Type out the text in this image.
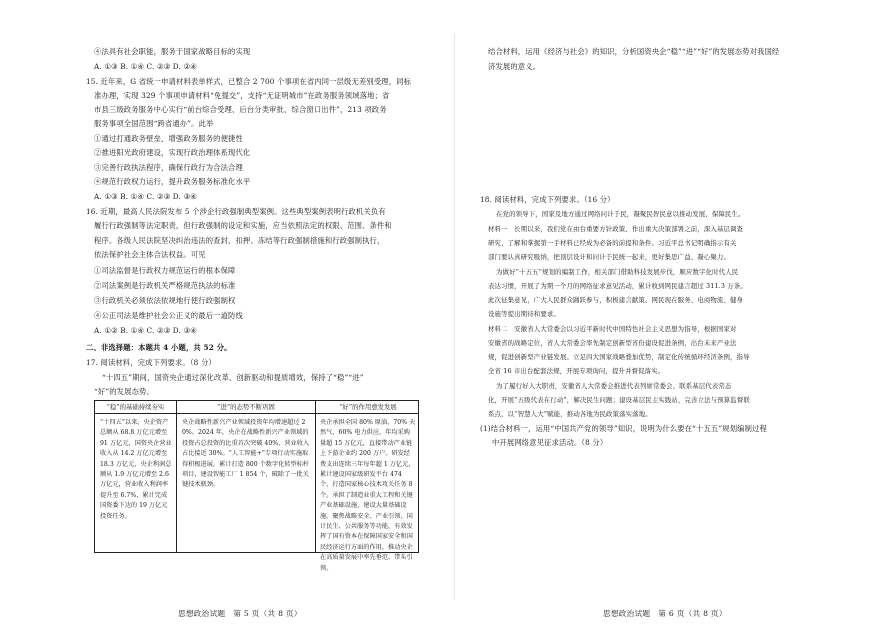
④法具有社会职能，服务于国家战略目标的实现
A. ①③ B. ①④ C. ②③ D. ②④
15. 近年来，G 省统一申请材料表单样式，已整合 2 700 个事项在省内同一层级无差别受理，同标
准办理，实现 329 个事项申请材料“免提交”，支持“无证明城市”在政务服务领域落地；省
市县三级政务服务中心实行“前台综合受理、后台分类审批、综合窗口出件”，213 项政务
服务事项全国范围“跨省通办”。此举
①通过打通政务壁垒，增强政务服务的便捷性
②推进阳光政府建设，实现行政治理体系现代化
③完善行政执法程序，确保行政行为合法合理
④规范行政权力运行，提升政务服务标准化水平
A. ①③ B. ①④ C. ②③ D. ③④
16. 近期，最高人民法院发布 5 个涉企行政强制典型案例。这些典型案例表明行政机关负有
履行行政强制等法定职责，但行政强制的设定和实施，应当依照法定的权限、范围、条件和
程序。各级人民法院坚决纠治违法的查封、扣押、冻结等行政强制措施和行政强制执行，
依法保护社会主体合法权益。可见
①司法监督是行政权力规范运行的根本保障
②司法案例是行政机关严格规范执法的标准
③行政机关必须依法依规地行使行政强制权
④公正司法是维护社会公正义的最后一道防线
A. ①② B. ①④ C. ②③ D. ③④
二、非选择题：本题共 4 小题，共 52 分。
17. 阅读材料，完成下列要求。（8 分）
“十四五”期间，国资央企通过深化改革、创新驱动和提质增效，保持了“稳”“进”
“好”的发展态势。
“稳”的基础持续夯实	“进”的态势不断巩固	“好”的作用愈发发展
“十四五”以来，央企资产总额从 68.8 万亿元增至 91 万亿元，国资央企营业收入从 14.2 万亿元增至 18.3 万亿元，央企利润总额从 1.9 万亿元增至 2.6 万亿元，营业收入利润率提升至 6.7%，累计完成国资委下达的 19 万亿元投资任务。
央企战略性新兴产业领域投资年均增速超过 20%。2024 年，央企在战略性新兴产业领域的投资占总投资的比重首次突破 40%，营业收入占比接近 30%。“人工智能+”专项行动实施取得积极进展，累计打造 800 个数字化转型标杆项目，建设智能工厂 1 854 个，破除了一批关键技术瓶颈。
央企承担全国 80% 原油、70% 天然气、60% 电力供应，年均采购量超 15 万亿元，直接带动产业链上下游企业约 200 万户。研发经费支出连续三年每年超 1 万亿元，累计建设国家级研发平台 474 个，打造国家核心技术攻关任务 8 个。承担了制造业重大工程和关键产业基础设施，建设大量基础设施。聚焦战略安全、产业引领、国计民生、公共服务等功能，有效发挥了国有资本在保障国家安全和国民经济运行方面的作用，推动央企在高质量发展中率先垂范、带头引领。
思想政治试题　第 5 页（共 8 页）
结合材料，运用《经济与社会》的知识，分析国资央企“稳”“进”“好”的发展态势对我国经
济发展的意义。
18. 阅读材料，完成下列要求。（16 分）
在党的领导下，国家及地方通过网络问计于民，凝聚民智民意以推动发展、保障民生。
材料一　长期以来，我们党在由台重要方针政策、作出重大决策部署之前，深入基层调查
研究，了解和掌握第一手材料已经成为必备的前提和条件。习近平总书记明确指示有关
部门要认真研究吸纳，把顶层设计和问计于民统一起来，更好集思广益、凝心聚力。
为做好“十五五”规划的编制工作，相关部门借助科技发展步伐，顺应数字化时代人民
表达习惯，开展了为期一个月的网络征求意见活动，累计收到网民建言超过 311.3 万条。
此次征集意见，广大人民群众踊跃参与，积极建言献策。网民现在服务、电商物流、健身
设施等提出期待和要求。
材料二　安徽省人大常委会以习近平新时代中国特色社会主义思想为指导，根据国家对
安徽省的战略定位，省人大常委会率先制定创新型省份建设促进条例，出台未来产业法
规，促进创新型产业链发展。立足四大国家战略叠加优势，制定化传统循环经济条例，指导
全省 16 市出台配套法规，开展专项询问，提升并督促落实。
为了履行好人大职责，安徽省人大常委会推进代表列席常委会、联系基层代表常态
化，开展“五级代表在行动”，解决民生问题；建设基层民主实践站，完善立法与预算监督联
系点，以“智慧人大”赋能，推动各地为民政策落实落地。
(1)结合材料一，运用“中国共产党的领导”知识，说明为什么要在“十五五”规划编制过程
中开展网络意见征求活动。（8 分）
思想政治试题　第 6 页（共 8 页）
